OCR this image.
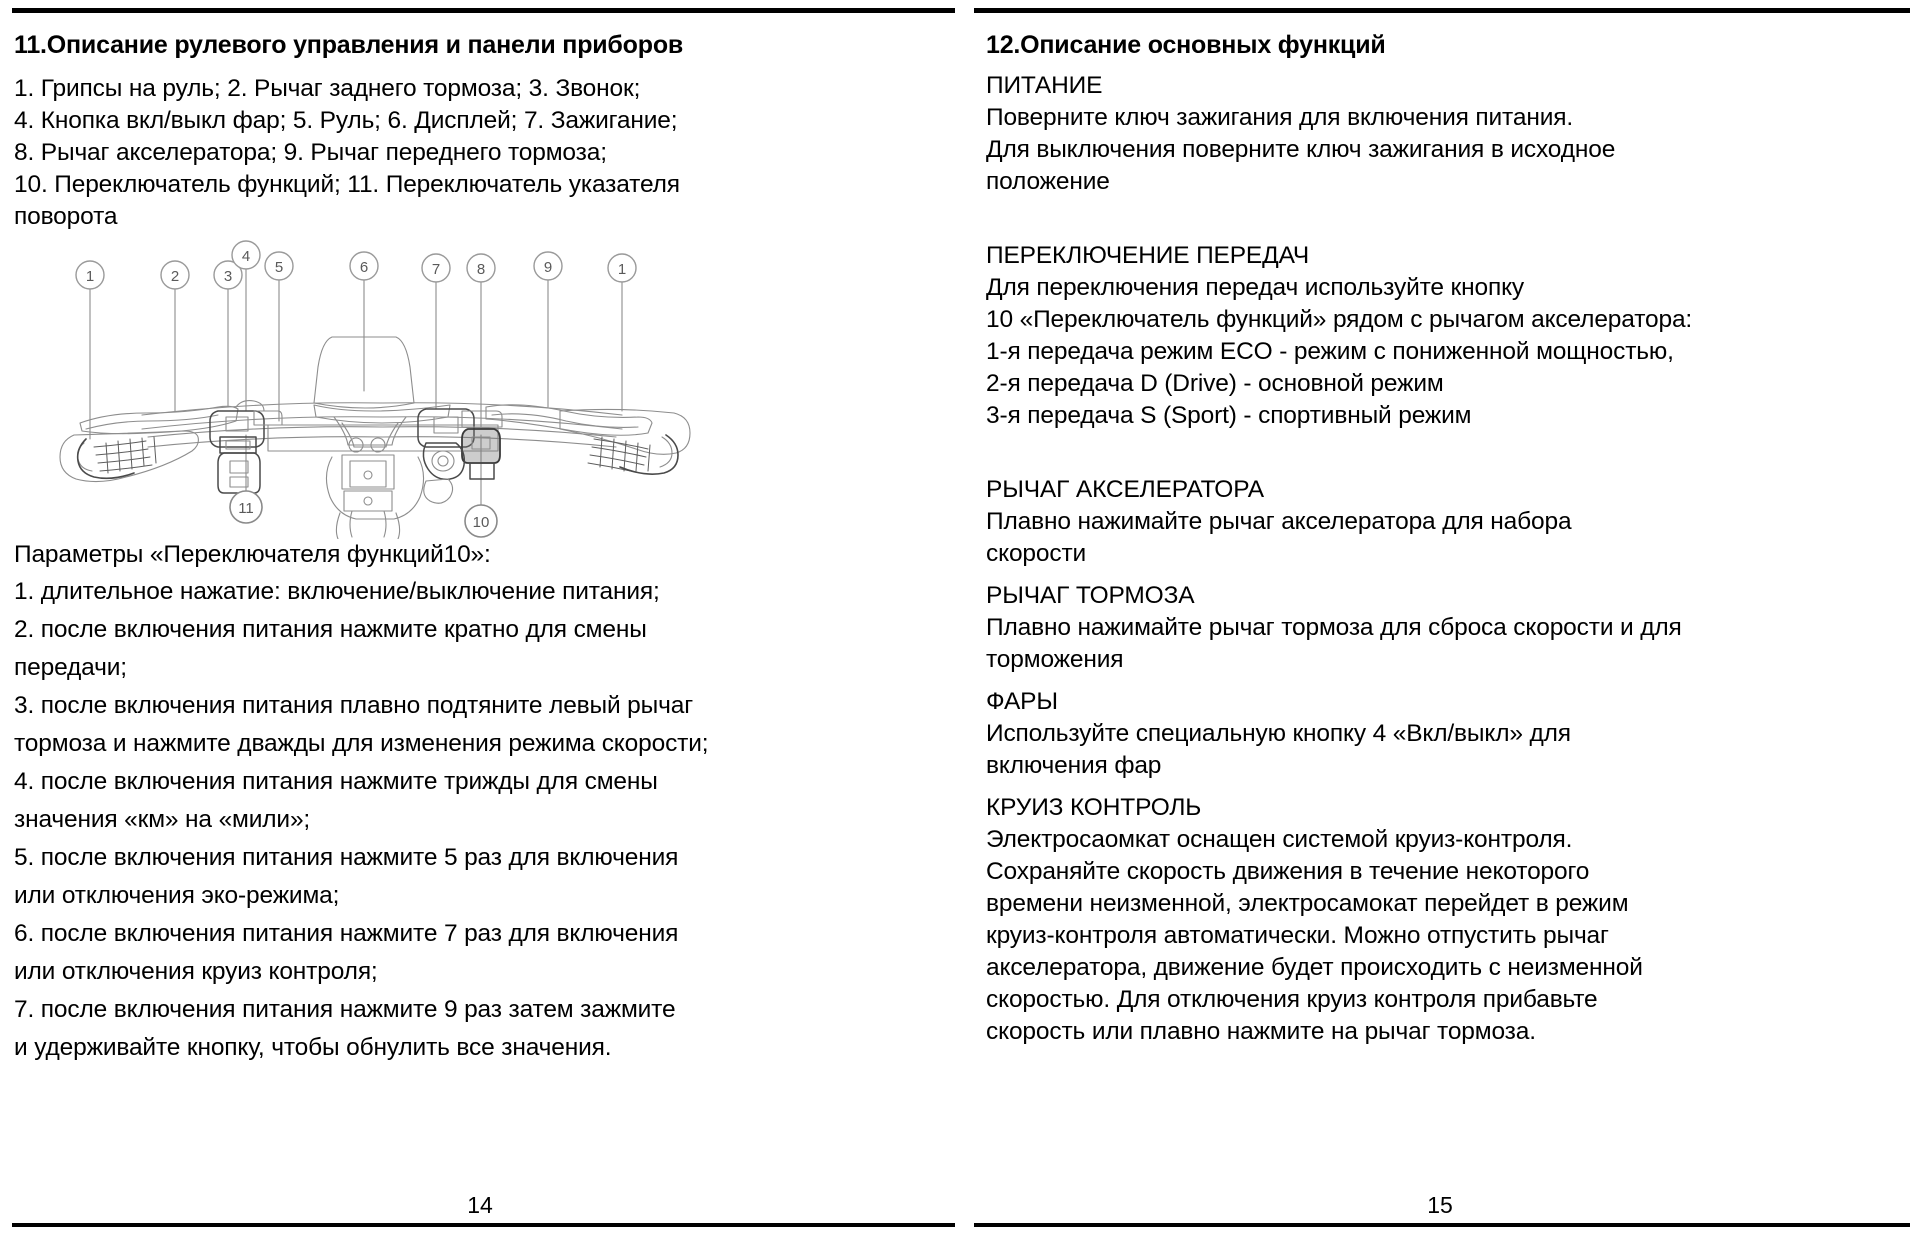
11.Описание рулевого управления и панели приборов

1. Грипсы на руль; 2. Рычаг заднего тормоза; 3. Звонок;

4. Кнопка вкл/выкл фар; 5. Руль; 6. Дисплей; 7. Зажигание;

8. Рычаг акселератора; 9. Рычаг переднего тормоза;

10. Переключатель функций; 11. Переключатель указателя

поворота

1	2	3
4
5	6	7 8	9	1
11
10

Параметры «Переключателя функций10»:

1. длительное нажатие: включение/выключение питания;

2. после включения питания нажмите кратно для смены

передачи;

3. после включения питания плавно подтяните левый рычаг

тормоза и нажмите дважды для изменения режима скорости;

4. после включения питания нажмите трижды для смены

значения «км» на «мили»;

5. после включения питания нажмите 5 раз для включения

или отключения эко-режима;

6. после включения питания нажмите 7 раз для включения

или отключения круиз контроля;

7. после включения питания нажмите 9 раз затем зажмите

и удерживайте кнопку, чтобы обнулить все значения.

14
12.Описание основных функций

ПИТАНИЕ

Поверните ключ зажигания для включения питания.

Для выключения поверните ключ зажигания в исходное

положение

ПЕРЕКЛЮЧЕНИЕ ПЕРЕДАЧ

Для переключения передач используйте кнопку

10 «Переключатель функций» рядом с рычагом акселератора:

1-я передача режим ECO - режим с пониженной мощностью,

2-я передача D (Drive) - основной режим

3-я передача S (Sport) - спортивный режим

РЫЧАГ АКСЕЛЕРАТОРА

Плавно нажимайте рычаг акселератора для набора

скорости

РЫЧАГ ТОРМОЗА

Плавно нажимайте рычаг тормоза для сброса скорости и для

торможения

ФАРЫ

Используйте специальную кнопку 4 «Вкл/выкл» для

включения фар

КРУИЗ КОНТРОЛЬ

Электросаомкат оснащен системой круиз-контроля.

Сохраняйте скорость движения в течение некоторого

времени неизменной, электросамокат перейдет в режим

круиз-контроля автоматически. Можно отпустить рычаг

акселератора, движение будет происходить с неизменной

скоростью. Для отключения круиз контроля прибавьте

скорость или плавно нажмите на рычаг тормоза.

15
